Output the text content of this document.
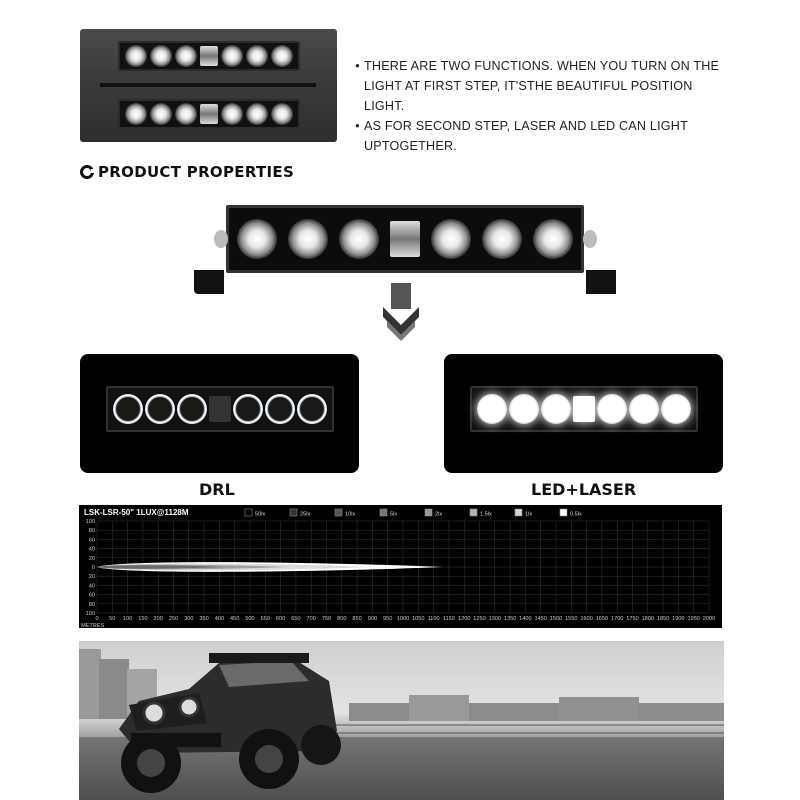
● THERE ARE TWO FUNCTIONS. WHEN YOU TURN ON THE LIGHT AT FIRST STEP, IT'STHE BEAUTIFUL POSITION LIGHT.
● AS FOR SECOND STEP, LASER AND LED CAN LIGHT UPTOGETHER.
PRODUCT PROPERTIES
DRL	LED+LASER
LSK-LSR-50" 1LUX@1128M	50lx	25lx	10lx	5lx	2lx	1.5lx	1lx	0.5lx
0 50 100 150 200 250 300 350 400 450 500 550 600 650 700 750 800 850 900 950 1000 1050 1100 1150 1200 1250 1300 1350 1400 1450 1500 1550 1600 1650 1700 1750 1800 1850 1900 1950 2000
100
80
60
40
20
0
20
40
60
80
100
METRES
